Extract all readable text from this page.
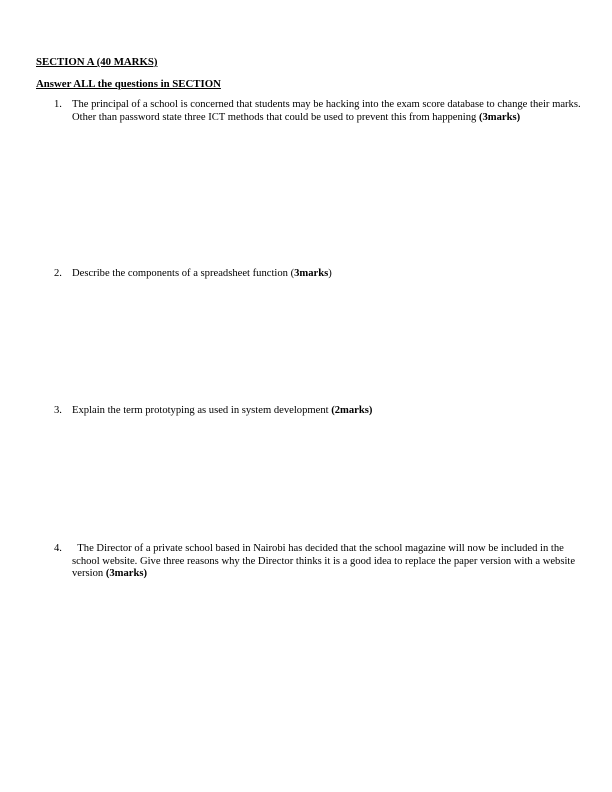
SECTION A (40 MARKS)
Answer ALL the questions in SECTION
1. The principal of a school is concerned that students may be hacking into the exam score database to change their marks. Other than password state three ICT methods that could be used to prevent this from happening (3marks)
2. Describe the components of a spreadsheet function (3marks)
3. Explain the term prototyping as used in system development (2marks)
4. The Director of a private school based in Nairobi has decided that the school magazine will now be included in the school website. Give three reasons why the Director thinks it is a good idea to replace the paper version with a website version (3marks)
